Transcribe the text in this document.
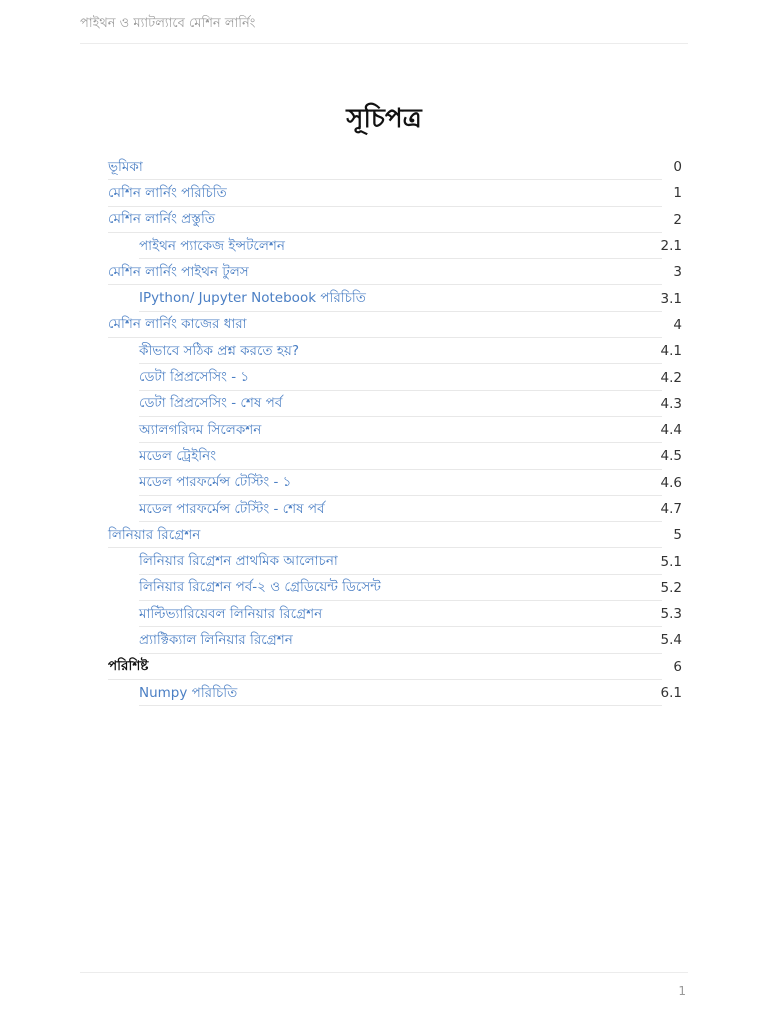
পাইথন ও ম্যাটল্যাবে মেশিন লার্নিং
সূচিপত্র
ভূমিকা	0
মেশিন লার্নিং পরিচিতি	1
মেশিন লার্নিং প্রস্তুতি	2
পাইথন প্যাকেজ ইন্সটলেশন	2.1
মেশিন লার্নিং পাইথন টুলস	3
IPython/ Jupyter Notebook পরিচিতি	3.1
মেশিন লার্নিং কাজের ধারা	4
কীভাবে সঠিক প্রশ্ন করতে হয়?	4.1
ডেটা প্রিপ্রসেসিং - ১	4.2
ডেটা প্রিপ্রসেসিং - শেষ পর্ব	4.3
অ্যালগরিদম সিলেকশন	4.4
মডেল ট্রেইনিং	4.5
মডেল পারফর্মেন্স টেস্টিং - ১	4.6
মডেল পারফর্মেন্স টেস্টিং - শেষ পর্ব	4.7
লিনিয়ার রিগ্রেশন	5
লিনিয়ার রিগ্রেশন প্রাথমিক আলোচনা	5.1
লিনিয়ার রিগ্রেশন পর্ব-২ ও গ্রেডিয়েন্ট ডিসেন্ট	5.2
মাল্টিভ্যারিয়েবল লিনিয়ার রিগ্রেশন	5.3
প্র্যাক্টিক্যাল লিনিয়ার রিগ্রেশন	5.4
পরিশিষ্ট	6
Numpy পরিচিতি	6.1
1
